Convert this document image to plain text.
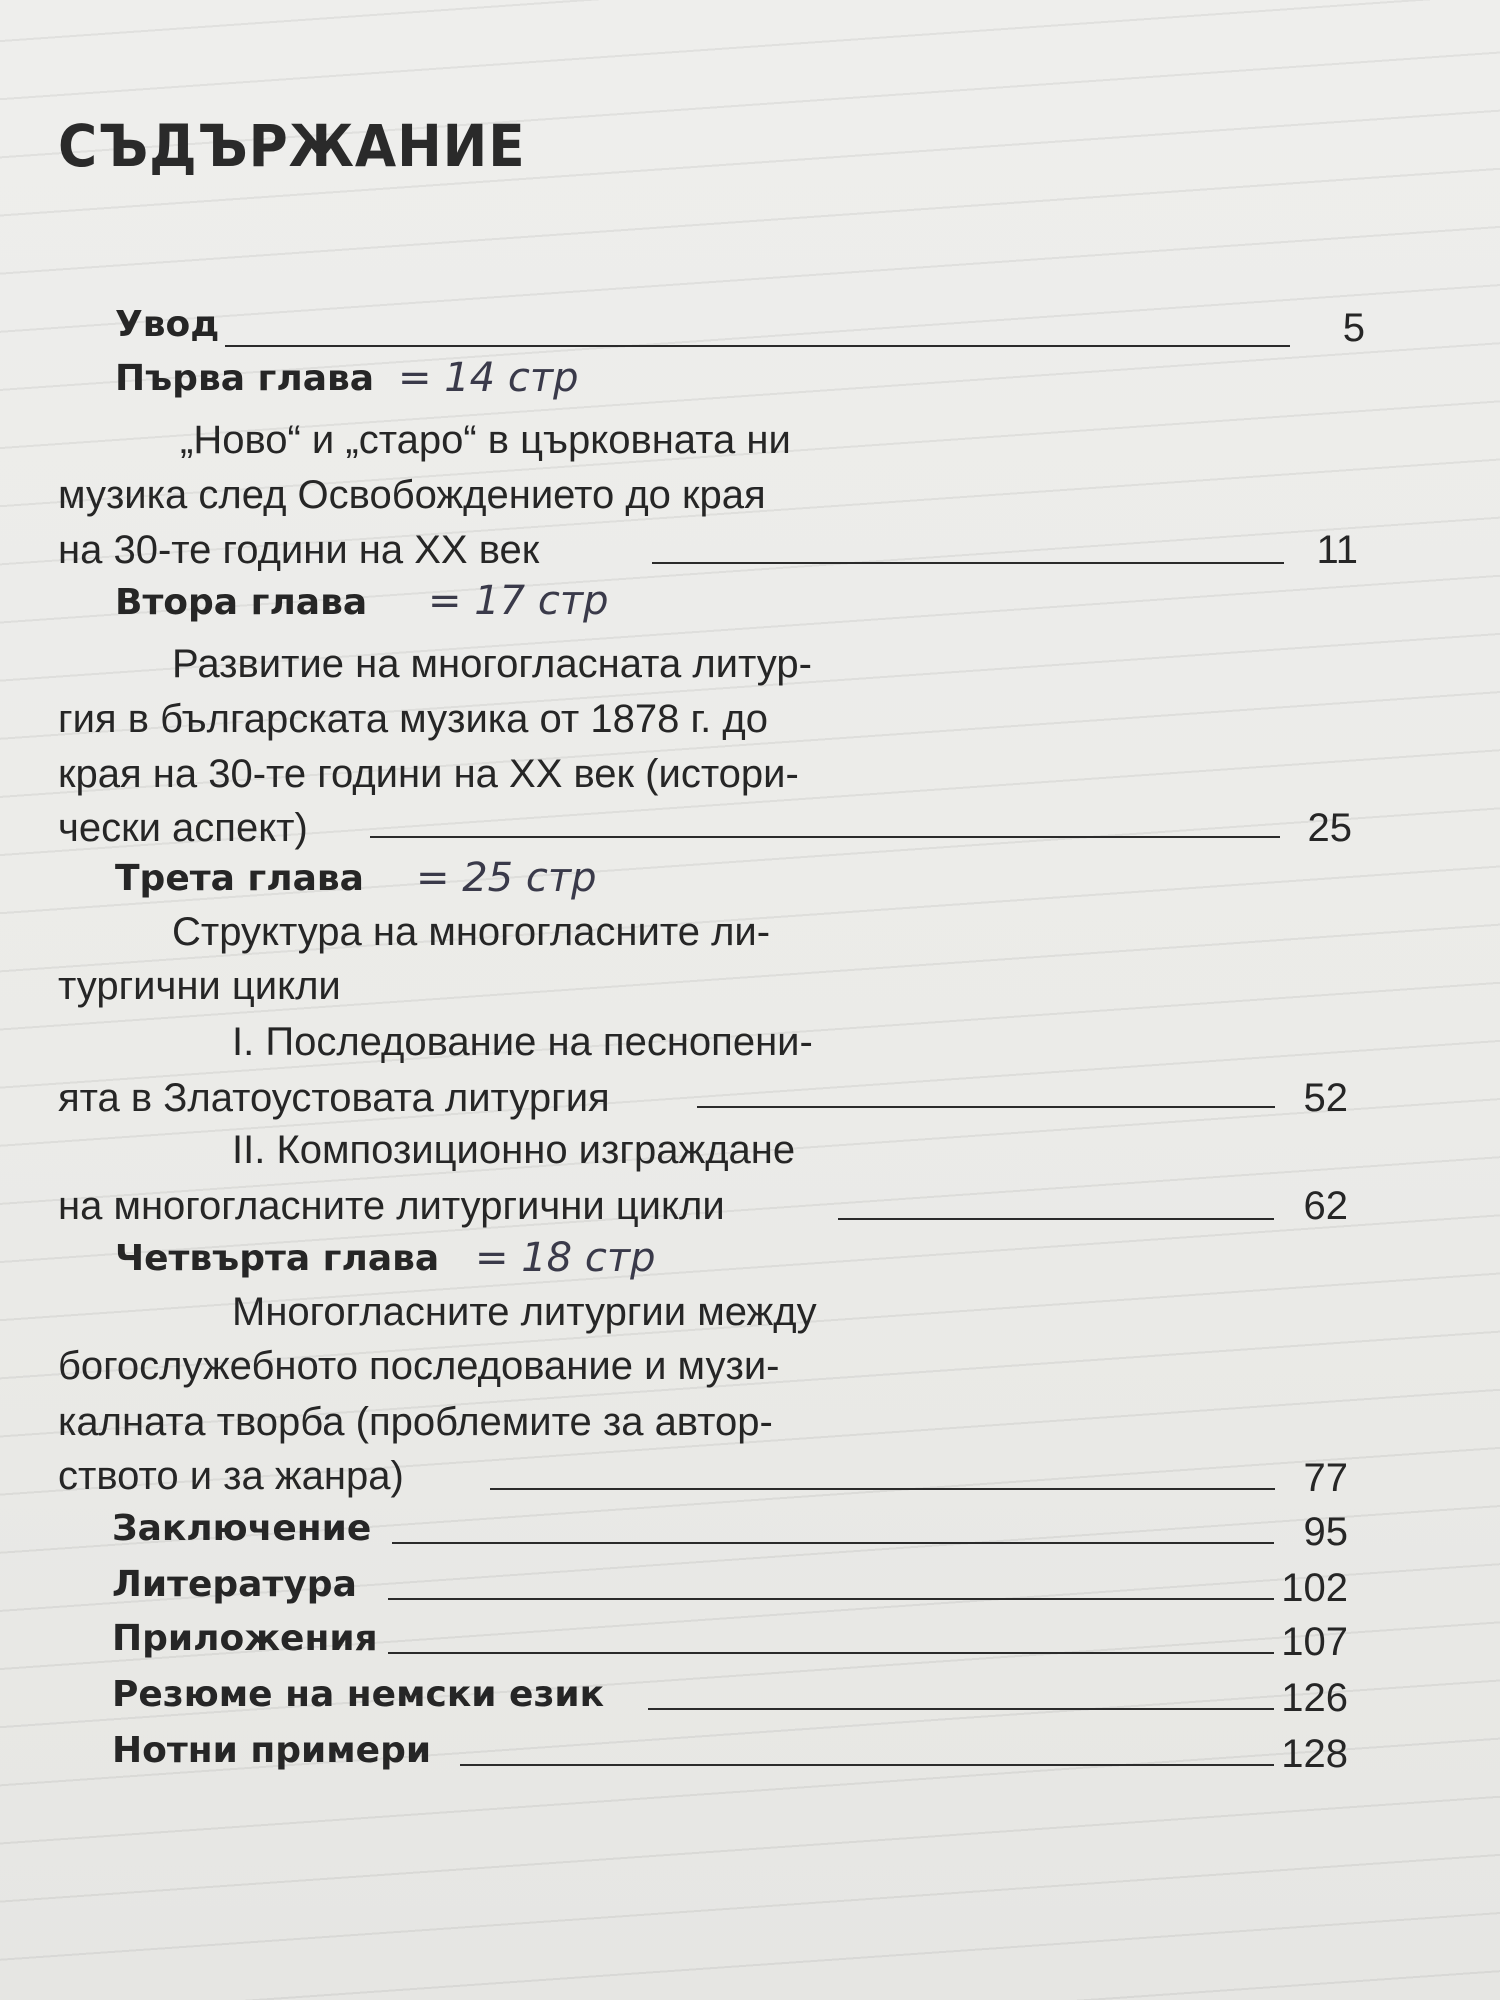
СЪДЪРЖАНИЕ
Увод	5
Първа глава = 14 стр
„Ново“ и „старо“ в църковната ни
музика след Освобождението до края
на 30-те години на XX век	11
Втора глава = 17 стр
Развитие на многогласната литур-
гия в българската музика от 1878 г. до
края на 30-те години на XX век (истори-
чески аспект)	25
Трета глава = 25 стр
Структура на многогласните ли-
тургични цикли
I. Последование на песнопени-
ята в Златоустовата литургия	52
II. Композиционно изграждане
на многогласните литургични цикли	62
Четвърта глава = 18 стр
Многогласните литургии между
богослужебното последование и музи-
калната творба (проблемите за автор-
ството и за жанра)	77
Заключение	95
Литература	102
Приложения	107
Резюме на немски език	126
Нотни примери	128
